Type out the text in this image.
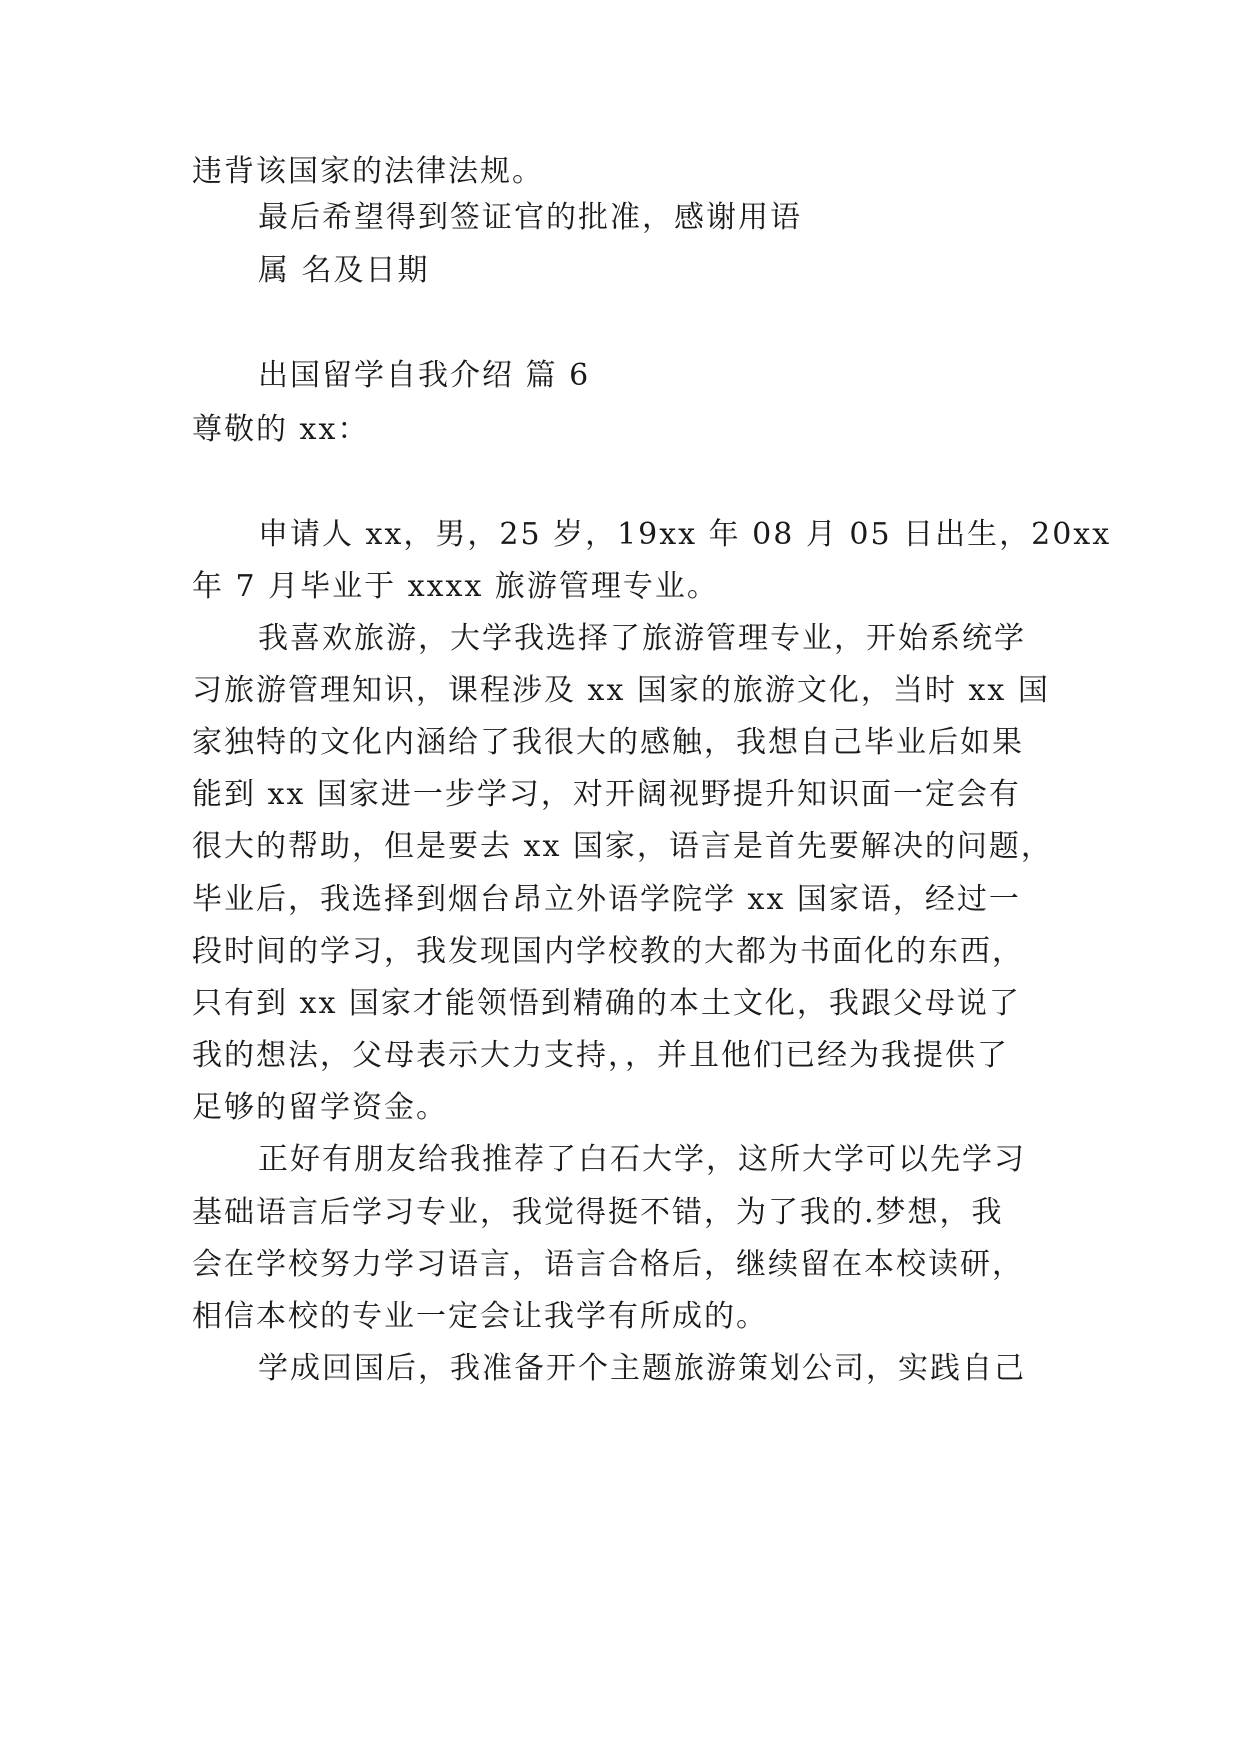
违背该国家的法律法规。
最后希望得到签证官的批准，感谢用语
属 名及日期
出国留学自我介绍 篇 6
尊敬的 xx：
申请人 xx，男，25 岁，19xx 年 08 月 05 日出生，20xx
年 7 月毕业于 xxxx 旅游管理专业。
我喜欢旅游，大学我选择了旅游管理专业，开始系统学
习旅游管理知识，课程涉及 xx 国家的旅游文化，当时 xx 国
家独特的文化内涵给了我很大的感触，我想自己毕业后如果
能到 xx 国家进一步学习，对开阔视野提升知识面一定会有
很大的帮助，但是要去 xx 国家，语言是首先要解决的问题，
毕业后，我选择到烟台昂立外语学院学 xx 国家语，经过一
段时间的学习，我发现国内学校教的大都为书面化的东西，
只有到 xx 国家才能领悟到精确的本土文化，我跟父母说了
我的想法，父母表示大力支持，，并且他们已经为我提供了
足够的留学资金。
正好有朋友给我推荐了白石大学，这所大学可以先学习
基础语言后学习专业，我觉得挺不错，为了我的.梦想，我
会在学校努力学习语言，语言合格后，继续留在本校读研，
相信本校的专业一定会让我学有所成的。
学成回国后，我准备开个主题旅游策划公司，实践自己
